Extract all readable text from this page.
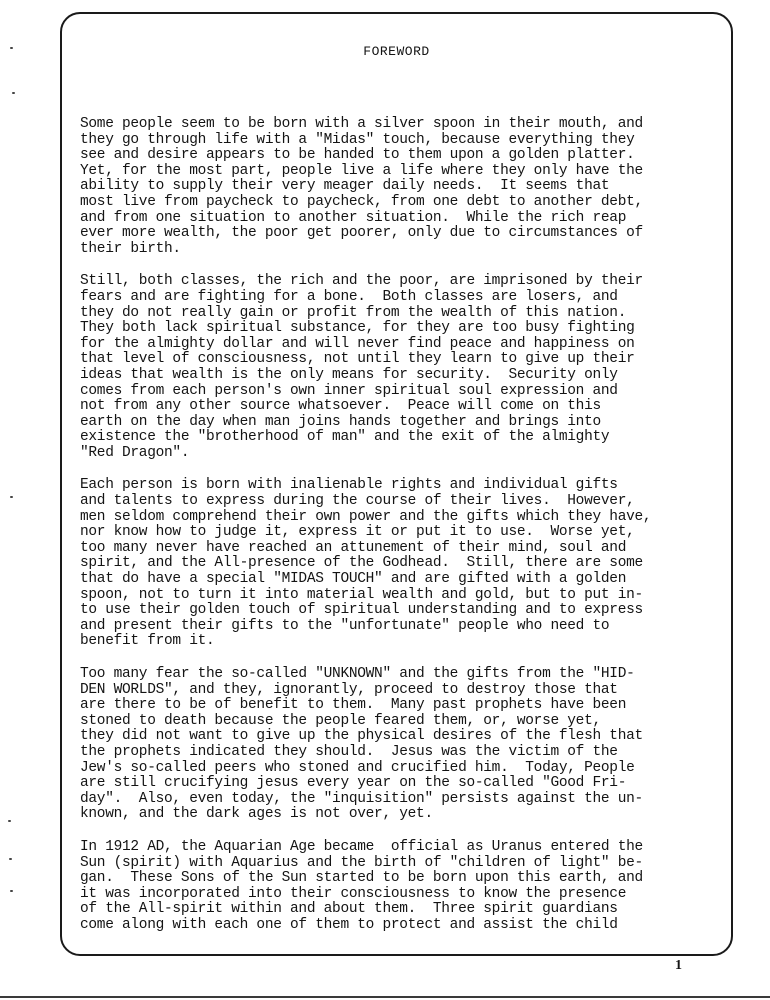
FOREWORD
Some people seem to be born with a silver spoon in their mouth, and
they go through life with a "Midas" touch, because everything they
see and desire appears to be handed to them upon a golden platter.
Yet, for the most part, people live a life where they only have the
ability to supply their very meager daily needs.  It seems that
most live from paycheck to paycheck, from one debt to another debt,
and from one situation to another situation.  While the rich reap
ever more wealth, the poor get poorer, only due to circumstances of
their birth.
Still, both classes, the rich and the poor, are imprisoned by their
fears and are fighting for a bone.  Both classes are losers, and
they do not really gain or profit from the wealth of this nation.
They both lack spiritual substance, for they are too busy fighting
for the almighty dollar and will never find peace and happiness on
that level of consciousness, not until they learn to give up their
ideas that wealth is the only means for security.  Security only
comes from each person's own inner spiritual soul expression and
not from any other source whatsoever.  Peace will come on this
earth on the day when man joins hands together and brings into
existence the "brotherhood of man" and the exit of the almighty
"Red Dragon".
Each person is born with inalienable rights and individual gifts
and talents to express during the course of their lives.  However,
men seldom comprehend their own power and the gifts which they have,
nor know how to judge it, express it or put it to use.  Worse yet,
too many never have reached an attunement of their mind, soul and
spirit, and the All-presence of the Godhead.  Still, there are some
that do have a special "MIDAS TOUCH" and are gifted with a golden
spoon, not to turn it into material wealth and gold, but to put in-
to use their golden touch of spiritual understanding and to express
and present their gifts to the "unfortunate" people who need to
benefit from it.
Too many fear the so-called "UNKNOWN" and the gifts from the "HID-
DEN WORLDS", and they, ignorantly, proceed to destroy those that
are there to be of benefit to them.  Many past prophets have been
stoned to death because the people feared them, or, worse yet,
they did not want to give up the physical desires of the flesh that
the prophets indicated they should.  Jesus was the victim of the
Jew's so-called peers who stoned and crucified him.  Today, People
are still crucifying jesus every year on the so-called "Good Fri-
day".  Also, even today, the "inquisition" persists against the un-
known, and the dark ages is not over, yet.
In 1912 AD, the Aquarian Age became  official as Uranus entered the
Sun (spirit) with Aquarius and the birth of "children of light" be-
gan.  These Sons of the Sun started to be born upon this earth, and
it was incorporated into their consciousness to know the presence
of the All-spirit within and about them.  Three spirit guardians
come along with each one of them to protect and assist the child
1
